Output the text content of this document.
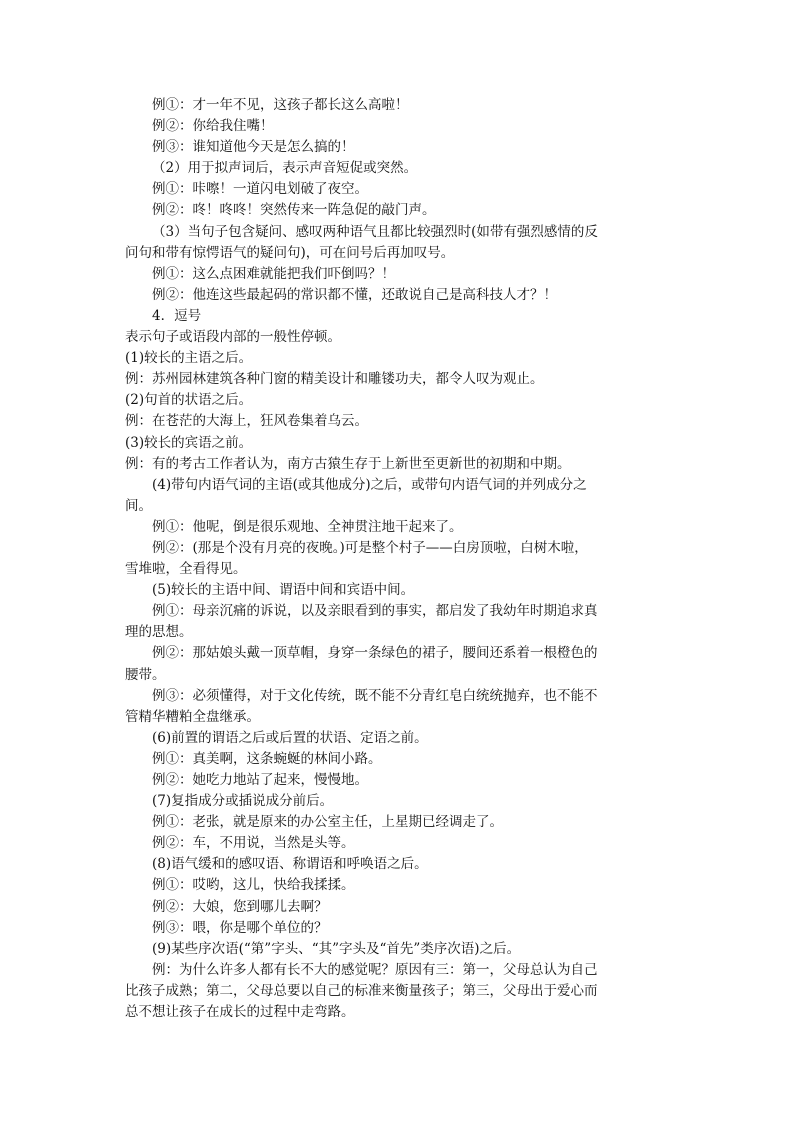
例①：才一年不见，这孩子都长这么高啦！
例②：你给我住嘴！
例③：谁知道他今天是怎么搞的！
（2）用于拟声词后，表示声音短促或突然。
例①：咔嚓！一道闪电划破了夜空。
例②：咚！咚咚！突然传来一阵急促的敲门声。
（3）当句子包含疑问、感叹两种语气且都比较强烈时(如带有强烈感情的反
问句和带有惊愕语气的疑问句)，可在问号后再加叹号。
例①：这么点困难就能把我们吓倒吗？！
例②：他连这些最起码的常识都不懂，还敢说自己是高科技人才？！
4．逗号
表示句子或语段内部的一般性停顿。
(1)较长的主语之后。
例：苏州园林建筑各种门窗的精美设计和雕镂功夫，都令人叹为观止。
(2)句首的状语之后。
例：在苍茫的大海上，狂风卷集着乌云。
(3)较长的宾语之前。
例：有的考古工作者认为，南方古猿生存于上新世至更新世的初期和中期。
(4)带句内语气词的主语(或其他成分)之后，或带句内语气词的并列成分之
间。
例①：他呢，倒是很乐观地、全神贯注地干起来了。
例②：(那是个没有月亮的夜晚。)可是整个村子——白房顶啦，白树木啦，
雪堆啦，全看得见。
(5)较长的主语中间、谓语中间和宾语中间。
例①：母亲沉痛的诉说，以及亲眼看到的事实，都启发了我幼年时期追求真
理的思想。
例②：那姑娘头戴一顶草帽，身穿一条绿色的裙子，腰间还系着一根橙色的
腰带。
例③：必须懂得，对于文化传统，既不能不分青红皂白统统抛弃，也不能不
管精华糟粕全盘继承。
(6)前置的谓语之后或后置的状语、定语之前。
例①：真美啊，这条蜿蜒的林间小路。
例②：她吃力地站了起来，慢慢地。
(7)复指成分或插说成分前后。
例①：老张，就是原来的办公室主任，上星期已经调走了。
例②：车，不用说，当然是头等。
(8)语气缓和的感叹语、称谓语和呼唤语之后。
例①：哎哟，这儿，快给我揉揉。
例②：大娘，您到哪儿去啊？
例③：喂，你是哪个单位的？
(9)某些序次语(“第”字头、“其”字头及“首先”类序次语)之后。
例：为什么许多人都有长不大的感觉呢？原因有三：第一，父母总认为自己
比孩子成熟；第二，父母总要以自己的标准来衡量孩子；第三，父母出于爱心而
总不想让孩子在成长的过程中走弯路。
